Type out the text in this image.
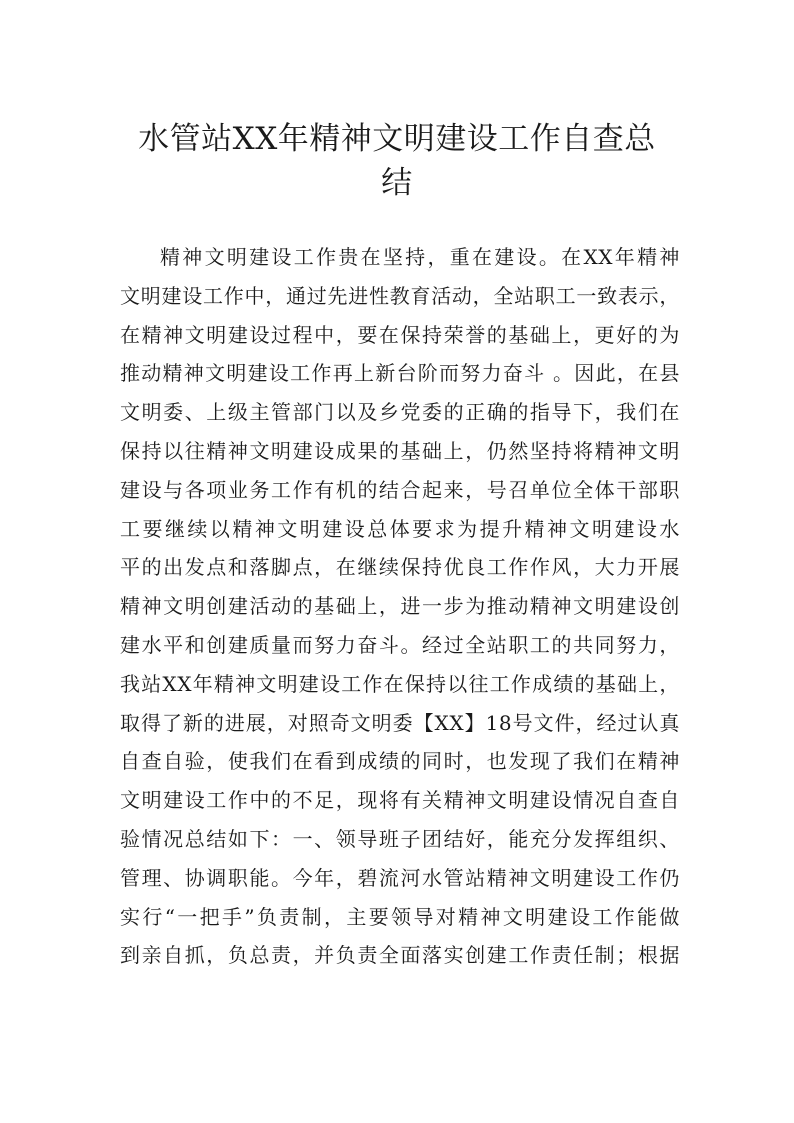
水管站XX年精神文明建设工作自查总
结
精神文明建设工作贵在坚持，重在建设。在XX年精神
文明建设工作中，通过先进性教育活动，全站职工一致表示，
在精神文明建设过程中，要在保持荣誉的基础上，更好的为
推动精神文明建设工作再上新台阶而努力奋斗 。因此，在县
文明委、上级主管部门以及乡党委的正确的指导下，我们在
保持以往精神文明建设成果的基础上，仍然坚持将精神文明
建设与各项业务工作有机的结合起来，号召单位全体干部职
工要继续以精神文明建设总体要求为提升精神文明建设水
平的出发点和落脚点，在继续保持优良工作作风，大力开展
精神文明创建活动的基础上，进一步为推动精神文明建设创
建水平和创建质量而努力奋斗。经过全站职工的共同努力，
我站XX年精神文明建设工作在保持以往工作成绩的基础上，
取得了新的进展，对照奇文明委【XX】18号文件，经过认真
自查自验，使我们在看到成绩的同时，也发现了我们在精神
文明建设工作中的不足，现将有关精神文明建设情况自查自
验情况总结如下：一、领导班子团结好，能充分发挥组织、
管理、协调职能。今年，碧流河水管站精神文明建设工作仍
实行“一把手”负责制，主要领导对精神文明建设工作能做
到亲自抓，负总责，并负责全面落实创建工作责任制；根据
